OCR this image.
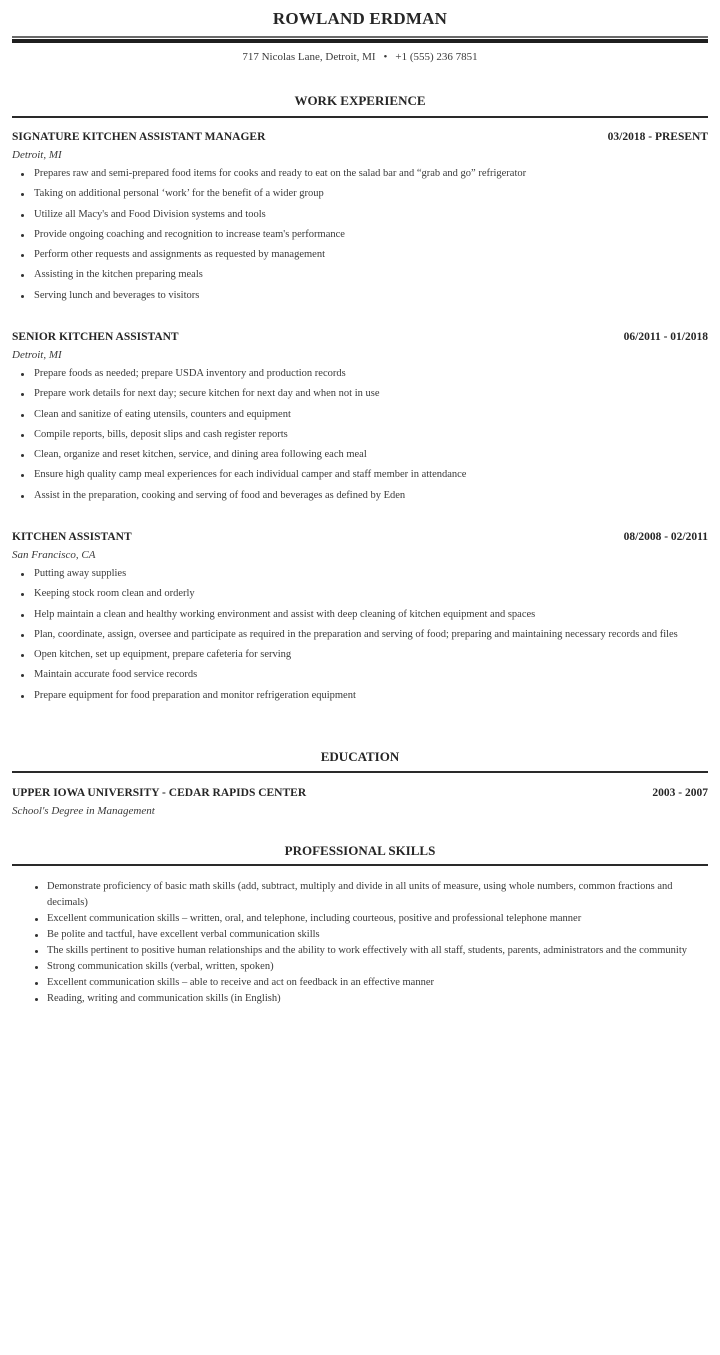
ROWLAND ERDMAN
717 Nicolas Lane, Detroit, MI • +1 (555) 236 7851
WORK EXPERIENCE
SIGNATURE KITCHEN ASSISTANT MANAGER	03/2018 - PRESENT
Detroit, MI
Prepares raw and semi-prepared food items for cooks and ready to eat on the salad bar and “grab and go” refrigerator
Taking on additional personal ‘work’ for the benefit of a wider group
Utilize all Macy's and Food Division systems and tools
Provide ongoing coaching and recognition to increase team's performance
Perform other requests and assignments as requested by management
Assisting in the kitchen preparing meals
Serving lunch and beverages to visitors
SENIOR KITCHEN ASSISTANT	06/2011 - 01/2018
Detroit, MI
Prepare foods as needed; prepare USDA inventory and production records
Prepare work details for next day; secure kitchen for next day and when not in use
Clean and sanitize of eating utensils, counters and equipment
Compile reports, bills, deposit slips and cash register reports
Clean, organize and reset kitchen, service, and dining area following each meal
Ensure high quality camp meal experiences for each individual camper and staff member in attendance
Assist in the preparation, cooking and serving of food and beverages as defined by Eden
KITCHEN ASSISTANT	08/2008 - 02/2011
San Francisco, CA
Putting away supplies
Keeping stock room clean and orderly
Help maintain a clean and healthy working environment and assist with deep cleaning of kitchen equipment and spaces
Plan, coordinate, assign, oversee and participate as required in the preparation and serving of food; preparing and maintaining necessary records and files
Open kitchen, set up equipment, prepare cafeteria for serving
Maintain accurate food service records
Prepare equipment for food preparation and monitor refrigeration equipment
EDUCATION
UPPER IOWA UNIVERSITY - CEDAR RAPIDS CENTER	2003 - 2007
School's Degree in Management
PROFESSIONAL SKILLS
Demonstrate proficiency of basic math skills (add, subtract, multiply and divide in all units of measure, using whole numbers, common fractions and decimals)
Excellent communication skills – written, oral, and telephone, including courteous, positive and professional telephone manner
Be polite and tactful, have excellent verbal communication skills
The skills pertinent to positive human relationships and the ability to work effectively with all staff, students, parents, administrators and the community
Strong communication skills (verbal, written, spoken)
Excellent communication skills – able to receive and act on feedback in an effective manner
Reading, writing and communication skills (in English)
